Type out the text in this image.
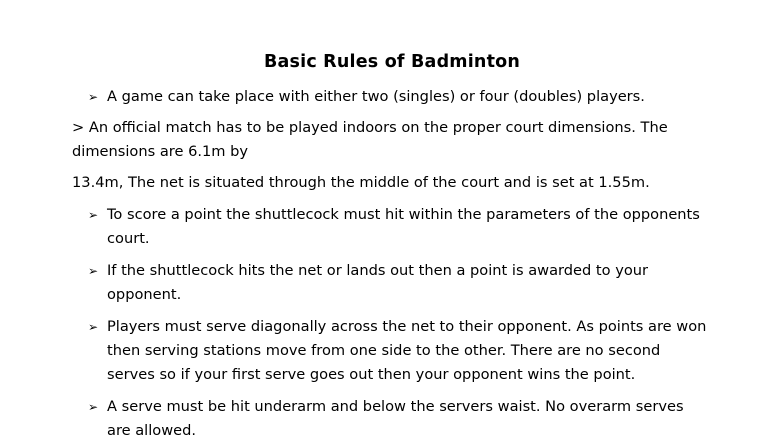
Basic Rules of Badminton
➢ A game can take place with either two (singles) or four (doubles) players.
> An official match has to be played indoors on the proper court dimensions. The
dimensions are 6.1m by
13.4m, The net is situated through the middle of the court and is set at 1.55m.
➢ To score a point the shuttlecock must hit within the parameters of the opponents
court.
➢ If the shuttlecock hits the net or lands out then a point is awarded to your
opponent.
➢ Players must serve diagonally across the net to their opponent. As points are won
then serving stations move from one side to the other. There are no second
serves so if your first serve goes out then your opponent wins the point.
➢ A serve must be hit underarm and below the servers waist. No overarm serves
are allowed.
